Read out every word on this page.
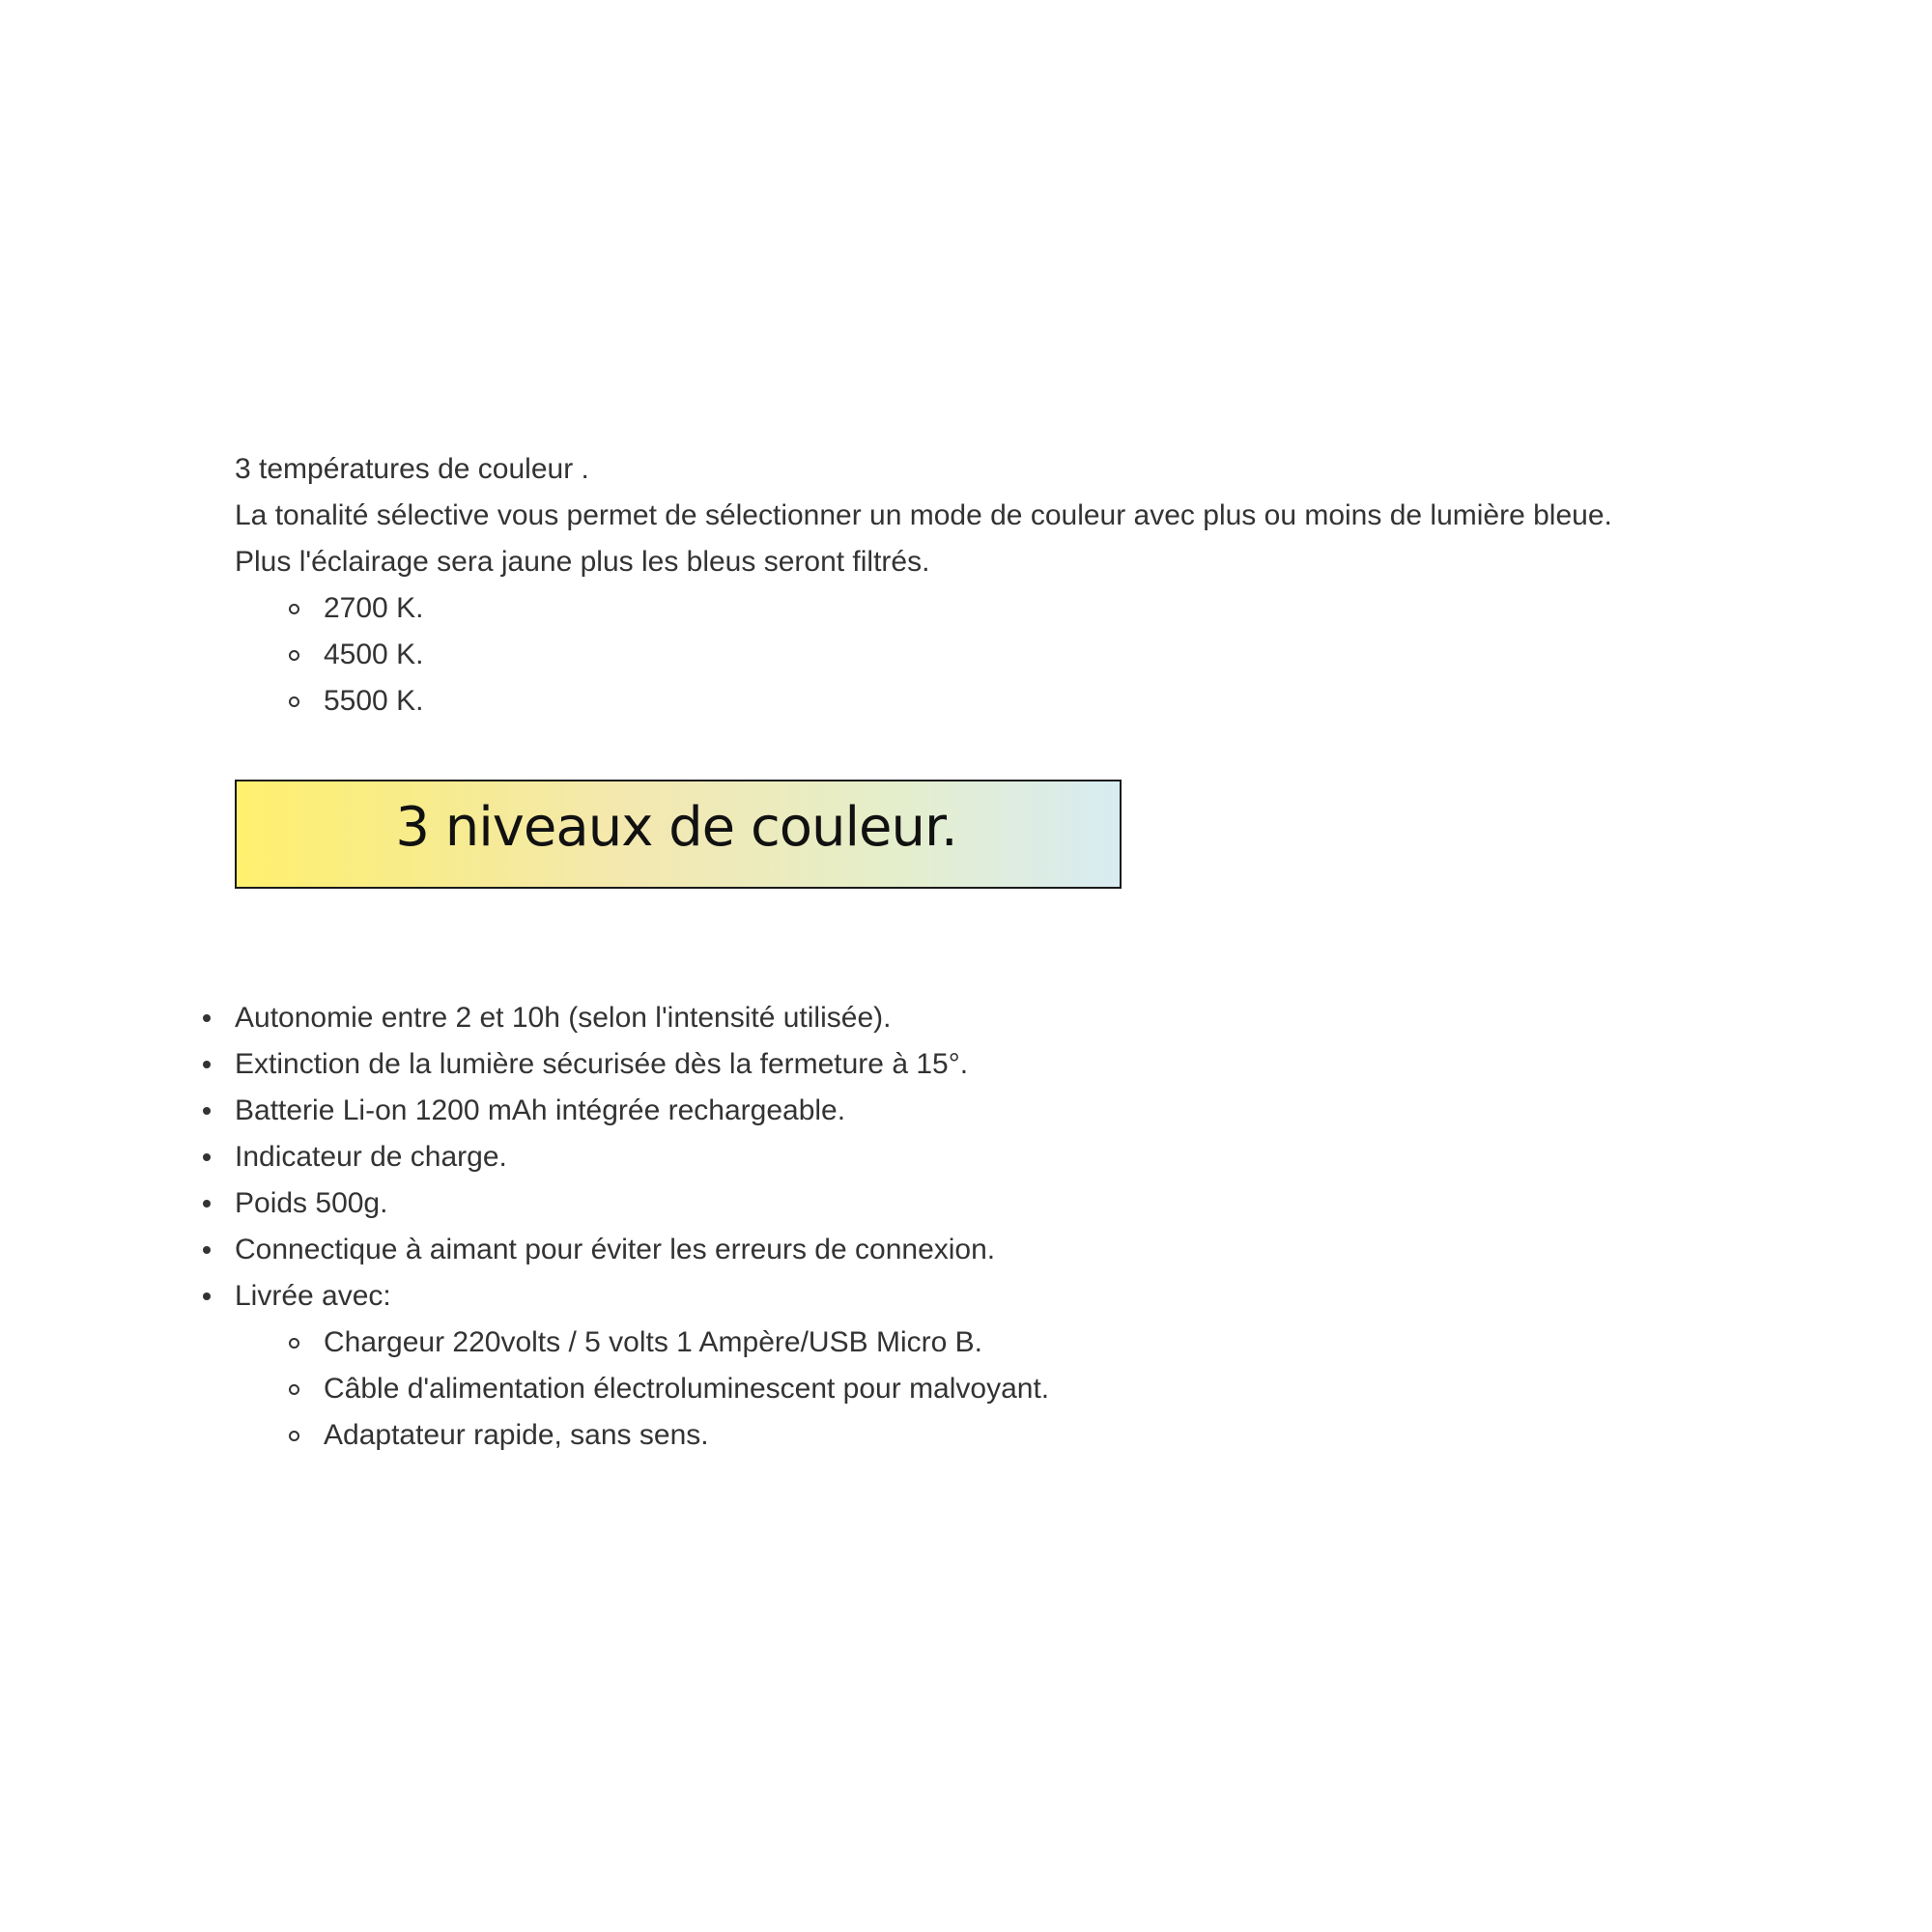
3 températures de couleur .

La tonalité sélective vous permet de sélectionner un mode de couleur avec plus ou moins de lumière bleue.

Plus l'éclairage sera jaune plus les bleus seront filtrés.

2700 K.
4500 K.
5500 K.
3 niveaux de couleur.
Autonomie entre 2 et 10h (selon l'intensité utilisée).
Extinction de la lumière sécurisée dès la fermeture à 15°.
Batterie Li-on 1200 mAh intégrée rechargeable.
Indicateur de charge.
Poids 500g.
Connectique à aimant pour éviter les erreurs de connexion.
Livrée avec:
Chargeur 220volts / 5 volts 1 Ampère/USB Micro B.
Câble d'alimentation électroluminescent pour malvoyant.
Adaptateur rapide, sans sens.
